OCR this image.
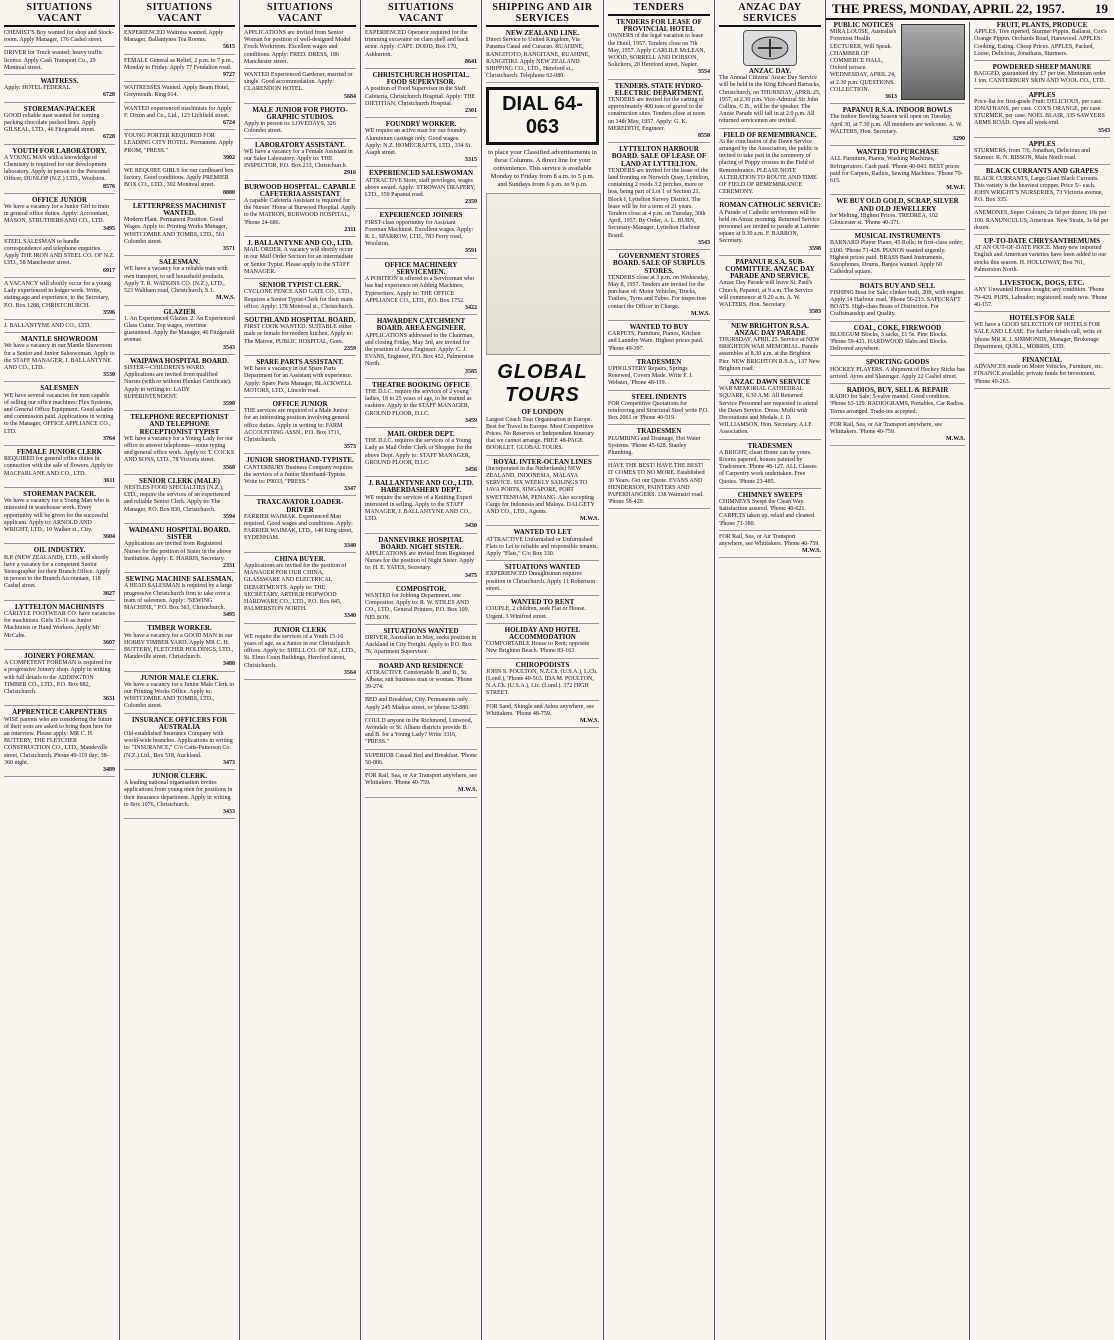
SITUATIONS VACANT
CHEMIST'S Boy wanted for shop and Stock-room. Apply Manager, 176 Cashel street.
DRIVER for Truck wanted; heavy traffic licence. Apply Cash Transport Co., 29 Montreal street.
WAITRESS.
Apply: HOTEL FEDERAL.
6728
STOREMAN-PACKER
GOOD reliable man wanted for coming packing chocolate packed lines. Apply GILSEAL, LTD., 46 Fitzgerald street.
6728
YOUTH FOR LABORATORY.
A YOUNG MAN with a knowledge of Chemistry is required for our development laboratory. Apply in person to the Personnel Officer, DUNLOP (N.Z.) LTD., Woolston.
8576
OFFICE JUNIOR
We have a vacancy for a Junior Girl to train in general office duties. Apply: Accountant, MASON, STRUTHERS AND CO., LTD.
3495
STEEL SALESMAN to handle correspondence and telephone enquiries. Apply THE IRON AND STEEL CO. OF N.Z. LTD., 58 Manchester street.
6917
A VACANCY will shortly occur for a young Lady experienced in ledger work. Write, stating age and experience, to the Secretary, P.O. Box 1288, CHRISTCHURCH.
3596
J. BALLANTYNE AND CO., LTD.
MANTLE SHOWROOM
We have a vacancy in our Mantle Showroom for a Senior and Junior Saleswoman. Apply to the STAFF MANAGER, J. BALLANTYNE AND CO., LTD.
3530
SALESMEN
WE have several vacancies for men capable of selling our office machines: Flex Systems, and General Office Equipment. Good salaries and commission paid. Applications in writing to the Manager, OFFICE APPLIANCE CO., LTD.
3764
FEMALE JUNIOR CLERK
REQUIRED for general office duties in connection with the sale of flowers. Apply to: MACFARLANE AND CO., LTD.
3611
STOREMAN PACKER.
We have a vacancy for a Young Man who is interested in warehouse work. Every opportunity will be given for the successful applicant. Apply to: ARNOLD AND WRIGHT, LTD., 10 Walker st., City.
3604
OIL INDUSTRY.
B.P. (NEW ZEALAND), LTD., will shortly have a vacancy for a competent Senior Stenographer for their Branch Office. Apply in person to the Branch Accountant, 118 Cashel street.
3627
LYTTELTON MACHINISTS
CARLYLE FOOTWEAR CO. have vacancies for machinists. Girls 15-16 as Junior Machinists or Hand Workers. Apply Mr McCabe.
3607
JOINERY FOREMAN.
A COMPETENT FOREMAN is required for a progressive Joinery shop. Apply in writing with full details to the ADDINGTON TIMBER CO., LTD., P.O. Box 882, Christchurch.
3631
APPRENTICE CARPENTERS
WISE parents who are considering the future of their sons are asked to bring them here for an interview. Please apply: MR C. H. BUTTERY, THE FLETCHER CONSTRUCTION CO., LTD., Mandeville street, Christchurch. Phone 49-119 day; 38-360 night.
3489
SITUATIONS VACANT
EXPERIENCED Waitress wanted. Apply Manager, Ballantynes Tea Rooms.
5615
FEMALE General as Relief, 2 p.m. to 7 p.m., Monday to Friday. Apply 77 Fendalton road.
9727
WAITRESSES Wanted. Apply Beam Hotel, Greymouth. Ring 914.
WANTED experienced machinists for Apply F. Dixon and Co., Ltd., 123 Lichfield street.
6724
YOUNG PORTER REQUIRED FOR LEADING CITY HOTEL. Permanent. Apply PROM, "PRESS."
3902
WE REQUIRE GIRLS for our cardboard box factory. Good conditions. Apply PREMIER BOX CO., LTD., 302 Montreal street.
8000
LETTERPRESS MACHINIST WANTED.
Modern Plant. Permanent Position. Good Wages. Apply to: Printing Works Manager, WHITCOMBE AND TOMBS, LTD., 561 Colombo street.
3571
SALESMAN.
WE have a vacancy for a reliable man with own transport, to sell household products. Apply T. R. WATKINS CO. (N.Z.), LTD., 523 Waltham road, Christchurch, S.1.
M.W.S.
GLAZIER
1. An Experienced Glazier. 2. An Experienced Glass Cutter. Top wages, overtime guaranteed. Apply the Manager, 46 Fitzgerald avenue.
3543
WAIPAWA HOSPITAL BOARD.
SISTER—CHILDREN'S WARD. Applications are invited from qualified Nurses (with or without Plunket Certificate). Apply in writing to: LADY SUPERINTENDENT.
3590
TELEPHONE RECEPTIONIST AND TELEPHONE RECEPTIONIST TYPIST
WE have a vacancy for a Young Lady for our office to answer telephones—some typing and general office work. Apply to: T. COCKS AND SONS, LTD., 78 Victoria street.
3560
SENIOR CLERK (MALE)
NESTLES FOOD SPECIALTIES (N.Z.), LTD., require the services of an experienced and reliable Senior Clerk. Apply to: The Manager, P.O. Box 830, Christchurch.
3594
WAIMANU HOSPITAL BOARD. SISTER
Applications are invited from Registered Nurses for the position of Sister in the above Institution. Apply: E. HARRIS, Secretary.
2331
SEWING MACHINE SALESMAN.
A HEAD SALESMAN is required by a large progressive Christchurch firm to take over a team of salesmen. Apply: "SEWING MACHINE," P.O. Box 363, Christchurch.
3495
TIMBER WORKER.
We have a vacancy for a GOOD MAN in our HOBBY TIMBER YARD. Apply MR C. H. BUTTERY, FLETCHER HOLDINGS, LTD., Mandeville street, Christchurch.
3488
JUNIOR MALE CLERK.
We have a vacancy for a Junior Male Clerk in our Printing Works Office. Apply to: WHITCOMBE AND TOMBS, LTD., Colombo street.
INSURANCE OFFICERS FOR AUSTRALIA
Old-established Insurance Company with world-wide branches. Applications in writing to: "INSURANCE," C/o Catts-Patterson Co. (N.Z.) Ltd., Box 518, Auckland.
3473
JUNIOR CLERK.
A leading national organisation invites applications from young men for positions in their insurance department. Apply in writing to Box 1076, Christchurch.
3433
SITUATIONS VACANT
APPLICATIONS are invited from Senior Woman for position of well-designed Model Frock Workroom. Excellent wages and conditions. Apply: FRED. DRESS, 186 Manchester street.
WANTED Experienced Gardener, married or single. Good accommodation. Apply: CLARENDON HOTEL.
5684
MALE JUNIOR FOR PHOTO-GRAPHIC STUDIOS.
Apply in person to: LOVEDAYS, 326 Colombo street.
LABORATORY ASSISTANT.
WE have a vacancy for a Female Assistant in our Sales Laboratory. Apply to: THE INSPECTOR, P.O. Box 233, Christchurch.
2916
BURWOOD HOSPITAL. CAPABLE CAFETERIA ASSISTANT
A capable Cafeteria Assistant is required for the Nurses' Home at Burwood Hospital. Apply to the MATRON, BURWOOD HOSPITAL, 'Phone 24-686.
2311
J. BALLANTYNE AND CO., LTD.
MAIL ORDER. A vacancy will shortly occur in our Mail Order Section for an intermediate or Senior Typist. Please apply to the STAFF MANAGER.
SENIOR TYPIST CLERK.
CYCLONE FENCE AND GATE CO., LTD., Requires a Senior Typist-Clerk for their main office. Apply: 178 Montreal st., Christchurch.
SOUTHLAND HOSPITAL BOARD.
FIRST COOK WANTED. SUITABLE either male or female for modern kitchen. Apply to: The Matron, PUBLIC HOSPITAL, Gore.
2359
SPARE PARTS ASSISTANT.
WE have a vacancy in our Spare Parts Department for an Assistant with experience. Apply: Spare Parts Manager, BLACKWELL MOTORS, LTD., Lincoln road.
OFFICE JUNIOR
THE services are required of a Male Junior for an interesting position involving general office duties. Apply in writing to: FARM ACCOUNTING ASSN., P.O. Box 1711, Christchurch.
3573
JUNIOR SHORTHAND-TYPISTE.
CANTERBURY Business Company requires the services of a Junior Shorthand-Typiste. Write to: P9033, "PRESS."
3347
TRAXCAVATOR LOADER-DRIVER
FARRIER WAIMAK. Experienced Man required. Good wages and conditions. Apply: FARRIER WAIMAK, LTD., 140 King street, SYDENHAM.
3340
CHINA BUYER.
Applications are invited for the position of MANAGER FOR OUR CHINA, GLASSWARE AND ELECTRICAL DEPARTMENTS. Apply to: THE SECRETARY, ARTHUR HOPWOOD HARDWARE CO., LTD., P.O. Box 845, PALMERSTON NORTH.
3340
JUNIOR CLERK
WE require the services of a Youth 15-16 years of age, as a Junior in our Christchurch offices. Apply to: SHELL CO. OF N.Z., LTD., St. Elmo Court Buildings, Hereford street, Christchurch.
3564
SITUATIONS VACANT
EXPERIENCED Operator required for the trimming excavator on clam shell and back actor. Apply: CAPT. DODD, Box 170, Ashburton.
8641
CHRISTCHURCH HOSPITAL. FOOD SUPERVISOR.
A position of Food Supervisor in the Staff Cafeteria, Christchurch Hospital. Apply: THE DIETITIAN, Christchurch Hospital.
2301
FOUNDRY WORKER.
WE require an active man for our foundry. Aluminium castings only. Good wages. Apply: N.Z. HOMECRAFTS, LTD., 334 St. Asaph street.
3315
EXPERIENCED SALESWOMAN
ATTRACTIVE Store, staff privileges, wages above award. Apply: STROWAN DRAPERY, LTD., 359 Papanui road.
2359
EXPERIENCED JOINERS
FIRST-class opportunity for Assistant Foreman Machinist. Excellent wages. Apply: R. L. SPARROW, LTD., 783 Ferry road, Woolston.
3591
OFFICE MACHINERY SERVICEMEN.
A POSITION is offered to a Serviceman who has had experience on Adding Machines, Typewriters. Apply to: THE OFFICE APPLIANCE CO., LTD., P.O. Box 1752.
3422
HAWARDEN CATCHMENT BOARD. AREA ENGINEER.
APPLICATIONS addressed to the Chairman, and closing Friday, May 3rd, are invited for the position of Area Engineer. Apply: C. J. EVANS, Engineer, P.O. Box 452, Palmerston North.
3585
THEATRE BOOKING OFFICE
THE D.I.C. require the services of 2 young ladies, 18 to 25 years of age, to be trained as cashiers. Apply to the STAFF MANAGER, GROUND FLOOR, D.I.C.
3459
MAIL ORDER DEPT.
THE D.I.C. requires the services of a Young Lady as Mail Order Clerk or Shopper for the above Dept. Apply to: STAFF MANAGER, GROUND FLOOR, D.I.C.
3456
J. BALLANTYNE AND CO., LTD. HABERDASHERY DEPT.
WE require the services of a Knitting Expert interested in selling. Apply to the STAFF MANAGER, J. BALLANTYNE AND CO., LTD.
3430
DANNEVIRKE HOSPITAL BOARD. NIGHT SISTER.
APPLICATIONS are invited from Registered Nurses for the position of Night Sister. Apply to: H. E. YATES, Secretary.
3475
COMPOSITOR.
WANTED for Jobbing Department, one Compositor. Apply to: R. W. STILES AND CO., LTD., General Printers, P.O. Box 100, NELSON.
SITUATIONS WANTED
DRIVER, Australian in May, seeks position in Auckland in City Freight. Apply to P.O. Box 76, Apartment Supervisor.
BOARD AND RESIDENCE
ATTRACTIVE Comfortable B. and B., St. Albans; suit business man or woman. 'Phone 39-274.
BED and Breakfast, City. Permanents only. Apply 245 Madras street, or 'phone 52-880.
COULD anyone in the Richmond, Linwood, Avondale or St. Albans districts provide B. and B. for a Young Lady? Write 3316, "PRESS."
SUPERIOR Casual Bed and Breakfast. 'Phone 50-806.
FOR Rail, Sea, or Air Transport anywhere, see Whittakers. 'Phone 40-759.
M.W.S.
SHIPPING AND AIR SERVICES
NEW ZEALAND LINE.
Direct Service to United Kingdom, Via Panama Canal and Curacao. RUAHINE, RANGITOTO, RANGITANE, RUAHINE, RANGITIKI. Apply NEW ZEALAND SHIPPING CO., LTD., Hereford st., Christchurch. Telephone 62-080.
DIAL 64-063
to place your Classified advertisements in these Columns. A direct line for your convenience. This service is available Monday to Friday from 8 a.m. to 5 p.m. and Sundays from 6 p.m. to 9 p.m.
GLOBAL TOURS
OF LONDON
Largest Coach Tour Organisation in Europe. Best for Travel in Europe. Most Competitive Prices. No Reserves or Independent Itinerary that we cannot arrange. FREE 48-PAGE BOOKLET. GLOBAL TOURS.
ROYAL INTER-OCEAN LINES
(Incorporated in the Netherlands) NEW ZEALAND, INDONESIA, MALAYA SERVICE. SIX WEEKLY SAILINGS TO JAVA PORTS, SINGAPORE, PORT SWETTENHAM, PENANG. Also accepting Cargo for Indonesia and Malaya. DALGETY AND CO., LTD., Agents.
M.W.S.
WANTED TO LET
ATTRACTIVE Unfurnished or Unfurnished Flats to Let to reliable and responsible tenants. Apply "Flats," C/o Box 330.
SITUATIONS WANTED
EXPERIENCED Draughtsman requires position in Christchurch. Apply 11 Robertson street.
WANTED TO RENT
COUPLE, 2 children, seek Flat or House. Urgent. 3 Winifred street.
HOLIDAY AND HOTEL ACCOMMODATION
COMFORTABLE House to Rent; opposite New Brighton Beach. 'Phone 83-163.
CHIROPODISTS
JOHN S. POULTON, N.Z.Ch. (U.S.A.), L.Ch. (Lond.), 'Phone 40-563. IDA M. POULTON, N.A.Ch. (U.S.A.), Lic. (Lond.). 372 HIGH STREET.
FOR Sand, Shingle and Ashes anywhere, see Whittakers. 'Phone 48-759.
M.W.S.
TENDERS
TENDERS FOR LEASE OF PROVINCIAL HOTEL
OWNERS of the legal vacation to lease the Hotel, 1957. Tenders close on 7th May, 1957. Apply CARLILE McLEAN, WOOD, SORRELL AND DOBSON, Solicitors, 20 Hereford street, Napier.
3554
TENDERS. STATE HYDRO-ELECTRIC DEPARTMENT.
TENDERS are invited for the carting of approximately 400 tons of gravel to the construction sites. Tenders close at noon on 14th May, 1957. Apply: G. K. MEREDITH, Engineer.
8558
LYTTELTON HARBOUR BOARD. SALE OF LEASE OF LAND AT LYTTELTON.
TENDERS are invited for the lease of the land fronting on Norwich Quay, Lyttelton, containing 2 roods 3.2 perches, more or less, being part of Lot 1 of Section 21, Block I, Lyttelton Survey District. The lease will be for a term of 21 years. Tenders close at 4 p.m. on Tuesday, 30th April, 1957. By Order, A. L. BURN, Secretary-Manager, Lyttelton Harbour Board.
3543
GOVERNMENT STORES BOARD. SALE OF SURPLUS STORES.
TENDERS close at 3 p.m. on Wednesday, May 8, 1957. Tenders are invited for the purchase of: Motor Vehicles, Trucks, Trailers, Tyres and Tubes. For inspection contact the Officer in Charge.
M.W.S.
WANTED TO BUY
CARPETS, Furniture, Pianos, Kitchen and Laundry Ware. Highest prices paid. 'Phone 49-397.
TRADESMEN
UPHOLSTERY Repairs, Springs Renewed, Covers Made. Write F. J. Webster, 'Phone 48-119.
STEEL INDENTS
FOR Competitive Quotations for reinforcing and Structural Steel write P.O. Box 2061 or 'Phone 40-519.
TRADESMEN
PLUMBING and Drainage, Hot Water Systems. 'Phone 45-628. Stanley Plumbing.
HAVE THE BEST! HAVE THE BEST! IT COMES TO NO MORE. Established 30 Years. Get our Quote. EVANS AND HENDERSON, PAINTERS AND PAPERHANGERS. 138 Waimairi road. 'Phone 58-429.
ANZAC DAY SERVICES
ANZAC DAY.
The Annual Citizens' Anzac Day Service will be held in the King Edward Barracks, Christchurch, on THURSDAY, APRIL 25, 1957, at 2.30 p.m. Vice-Admiral Sir John Collins, C.B., will be the speaker. The Anzac Parade will fall in at 2.0 p.m. All returned servicemen are invited.
FIELD OF REMEMBRANCE.
At the conclusion of the Dawn Service arranged by the Association, the public is invited to take part in the ceremony of placing of Poppy crosses in the Field of Remembrance. PLEASE NOTE ALTERATION TO ROUTE AND TIME OF FIELD OF REMEMBRANCE CEREMONY.
ROMAN CATHOLIC SERVICE:
A Parade of Catholic servicemen will be held on Anzac morning. Returned Service personnel are invited to parade at Latimer square at 9.30 a.m. F. BARRON, Secretary.
3598
PAPANUI R.S.A. SUB-COMMITTEE. ANZAC DAY PARADE AND SERVICE.
Anzac Day Parade will leave St. Paul's Church, Papanui, at 9 a.m. The Service will commence at 9.20 a.m. A. W. WALTERS, Hon. Secretary.
3583
NEW BRIGHTON R.S.A. ANZAC DAY PARADE
THURSDAY, APRIL 25. Service at NEW BRIGHTON WAR MEMORIAL. Parade assembles at 8.30 a.m. at the Brighton Pier. NEW BRIGHTON R.S.A., 137 New Brighton road.
ANZAC DAWN SERVICE
WAR MEMORIAL CATHEDRAL SQUARE, 6.30 A.M. All Returned Service Personnel are requested to attend the Dawn Service. Dress: Mufti with Decorations and Medals. J. D. WILLIAMSON, Hon. Secretary, A.I.F. Association.
TRADESMEN
A BRIGHT, clean Home can be yours. Rooms papered, houses painted by Tradesmen. 'Phone 48-127. ALL Classes of Carpentry work undertaken. Free Quotes. 'Phone 23-485.
CHIMNEY SWEEPS
CHIMNEYS Swept the Clean Way. Satisfaction assured. 'Phone 40-621. CARPETS taken up, relaid and cleaned. 'Phone 71-380.
FOR Rail, Sea, or Air Transport anywhere, see Whittakers. 'Phone 40-759.
M.W.S.
THE PRESS, MONDAY, APRIL 22, 1957. 19
PUBLIC NOTICES
MIRA LOUISE, Australia's Foremost Health LECTURER, Will Speak. CHAMBER OF COMMERCE HALL, Oxford terrace. WEDNESDAY, APRIL 24, at 2.30 p.m. QUESTIONS. COLLECTION.
3613
PAPANUI R.S.A. INDOOR BOWLS
The Indoor Bowling Season will open on Tuesday, April 30, at 7.30 p.m. All members are welcome. A. W. WALTERS, Hon. Secretary.
3290
WANTED TO PURCHASE
ALL Furniture, Pianos, Washing Machines, Refrigerators. Cash paid. 'Phone 40-843. BEST prices paid for Carpets, Radios, Sewing Machines. 'Phone 79-615.
M.W.F.
WE BUY OLD GOLD, SCRAP, SILVER AND OLD JEWELLERY
for Melting, Highest Prices. TREDREA, 102 Gloucester st. 'Phone 40-371.
MUSICAL INSTRUMENTS
BARNARD Player Piano, 45 Rolls; in first-class order; £100. 'Phone 71-428. PIANOS wanted urgently. Highest prices paid. BRASS Band Instruments, Saxophones, Drums, Banjos wanted. Apply 60 Cathedral square.
BOATS BUY AND SELL
FISHING Boat for Sale; clinker built, 20ft, with engine. Apply 14 Harbour road, 'Phone 56-213. SAFECRAFT BOATS. High-class Boats of Distinction. For Craftsmanship and Quality.
COAL, COKE, FIREWOOD
BLUEGUM Blocks, 3 sacks, £1 5s. Pine Blocks. 'Phone 59-421. HARDWOOD Slabs and Blocks. Delivered anywhere.
SPORTING GOODS
HOCKEY PLAYERS. A shipment of Hockey Sticks has arrived. Ayres and Slazenger. Apply 22 Cashel street.
RADIOS, BUY, SELL & REPAIR
RADIO for Sale; 5-valve mantel. Good condition. 'Phone 63-129. RADIOGRAMS, Portables, Car Radios. Terms arranged. Trade-ins accepted.
FOR Rail, Sea, or Air Transport anywhere, see Whittakers. 'Phone 40-759.
M.W.S.
FRUIT, PLANTS, PRODUCE
APPLES, Tree ripened, Sturmer Pippin, Ballarat, Cox's Orange Pippin. Orchards Road, Harewood. APPLES: Cooking, Eating. Cheap Prices. APPLES, Packed, Loose, Delicious, Jonathans, Sturmers.
POWDERED SHEEP MANURE
BAGGED, guaranteed dry. £7 per ton. Minimum order 1 ton. CANTERBURY SKIN AND WOOL CO., LTD.
APPLES
Price-list for first-grade Fruit: DELICIOUS, per case. JONATHANS, per case. COX'S ORANGE, per case. STURMER, per case. NOEL BLAIR, 335 SAWYERS ARMS ROAD. Open all week-end.
3543
APPLES
STURMERS, from 7/6. Jonathan, Delicious and Sturmer. R. N. BISSON, Main North road.
BLACK CURRANTS AND GRAPES
BLACK CURRANTS, Large Giant Black Currants. This variety is the heaviest cropper. Price 5/- each. JOHN WRIGHT'S NURSERIES, 73 Victoria avenue, P.O. Box 335.
ANEMONES, Super Colours; 2s 6d per dozen; 10s per 100. RANUNCULUS, American. New Strain, 3s 6d per dozen.
UP-TO-DATE CHRYSANTHEMUMS
AT AN OUT-OF-DATE PRICE. Many new imported English and American varieties have been added to our stocks this season. H. HOLLOWAY, Box 761, Palmerston North.
LIVESTOCK, DOGS, ETC.
ANY Unwanted Horses bought; any condition. 'Phone 79-429. PUPS, Labrador; registered; ready now. 'Phone 40-157.
HOTELS FOR SALE
WE have a GOOD SELECTION OF HOTELS FOR SALE AND LEASE. For further details call, write or 'phone MR R. J. SIMMONDS, Manager, Brokerage Department, QUILL, MORRIS, LTD.
FINANCIAL
ADVANCES made on Motor Vehicles, Furniture, etc. FINANCE available; private funds for investment. 'Phone 40-263.
